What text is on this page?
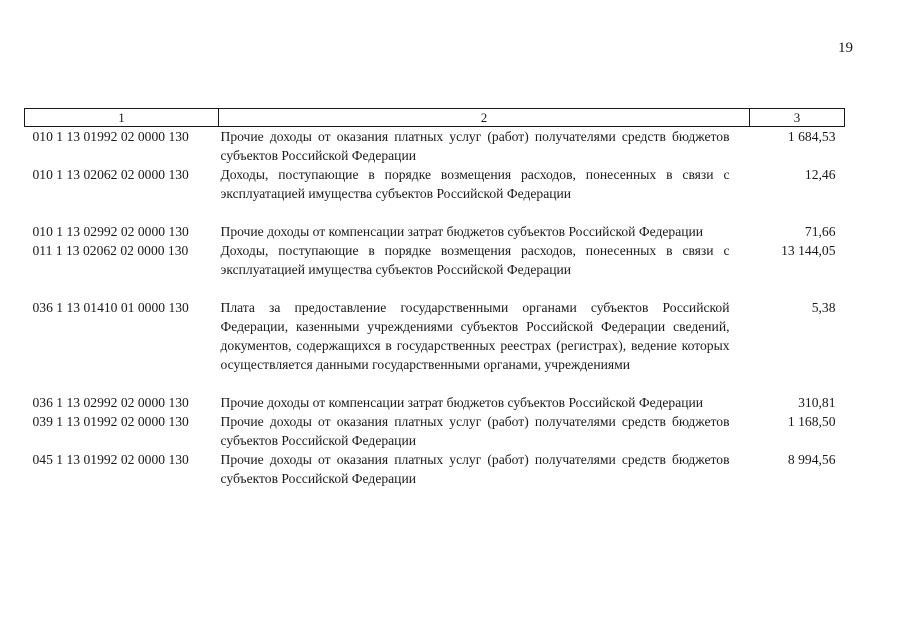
19
1	2	3
010 1 13 01992 02 0000 130	Прочие доходы от оказания платных услуг (работ) получателями средств бюджетов субъектов Российской Федерации	1 684,53
010 1 13 02062 02 0000 130	Доходы, поступающие в порядке возмещения расходов, понесенных в связи с эксплуатацией имущества субъектов Российской Федерации	12,46
010 1 13 02992 02 0000 130	Прочие доходы от компенсации затрат бюджетов субъектов Российской Федерации	71,66
011 1 13 02062 02 0000 130	Доходы, поступающие в порядке возмещения расходов, понесенных в связи с эксплуатацией имущества субъектов Российской Федерации	13 144,05
036 1 13 01410 01 0000 130	Плата за предоставление государственными органами субъектов Российской Федерации, казенными учреждениями субъектов Российской Федерации сведений, документов, содержащихся в государственных реестрах (регистрах), ведение которых осуществляется данными государственными органами, учреждениями	5,38
036 1 13 02992 02 0000 130	Прочие доходы от компенсации затрат бюджетов субъектов Российской Федерации	310,81
039 1 13 01992 02 0000 130	Прочие доходы от оказания платных услуг (работ) получателями средств бюджетов субъектов Российской Федерации	1 168,50
045 1 13 01992 02 0000 130	Прочие доходы от оказания платных услуг (работ) получателями средств бюджетов субъектов Российской Федерации	8 994,56
